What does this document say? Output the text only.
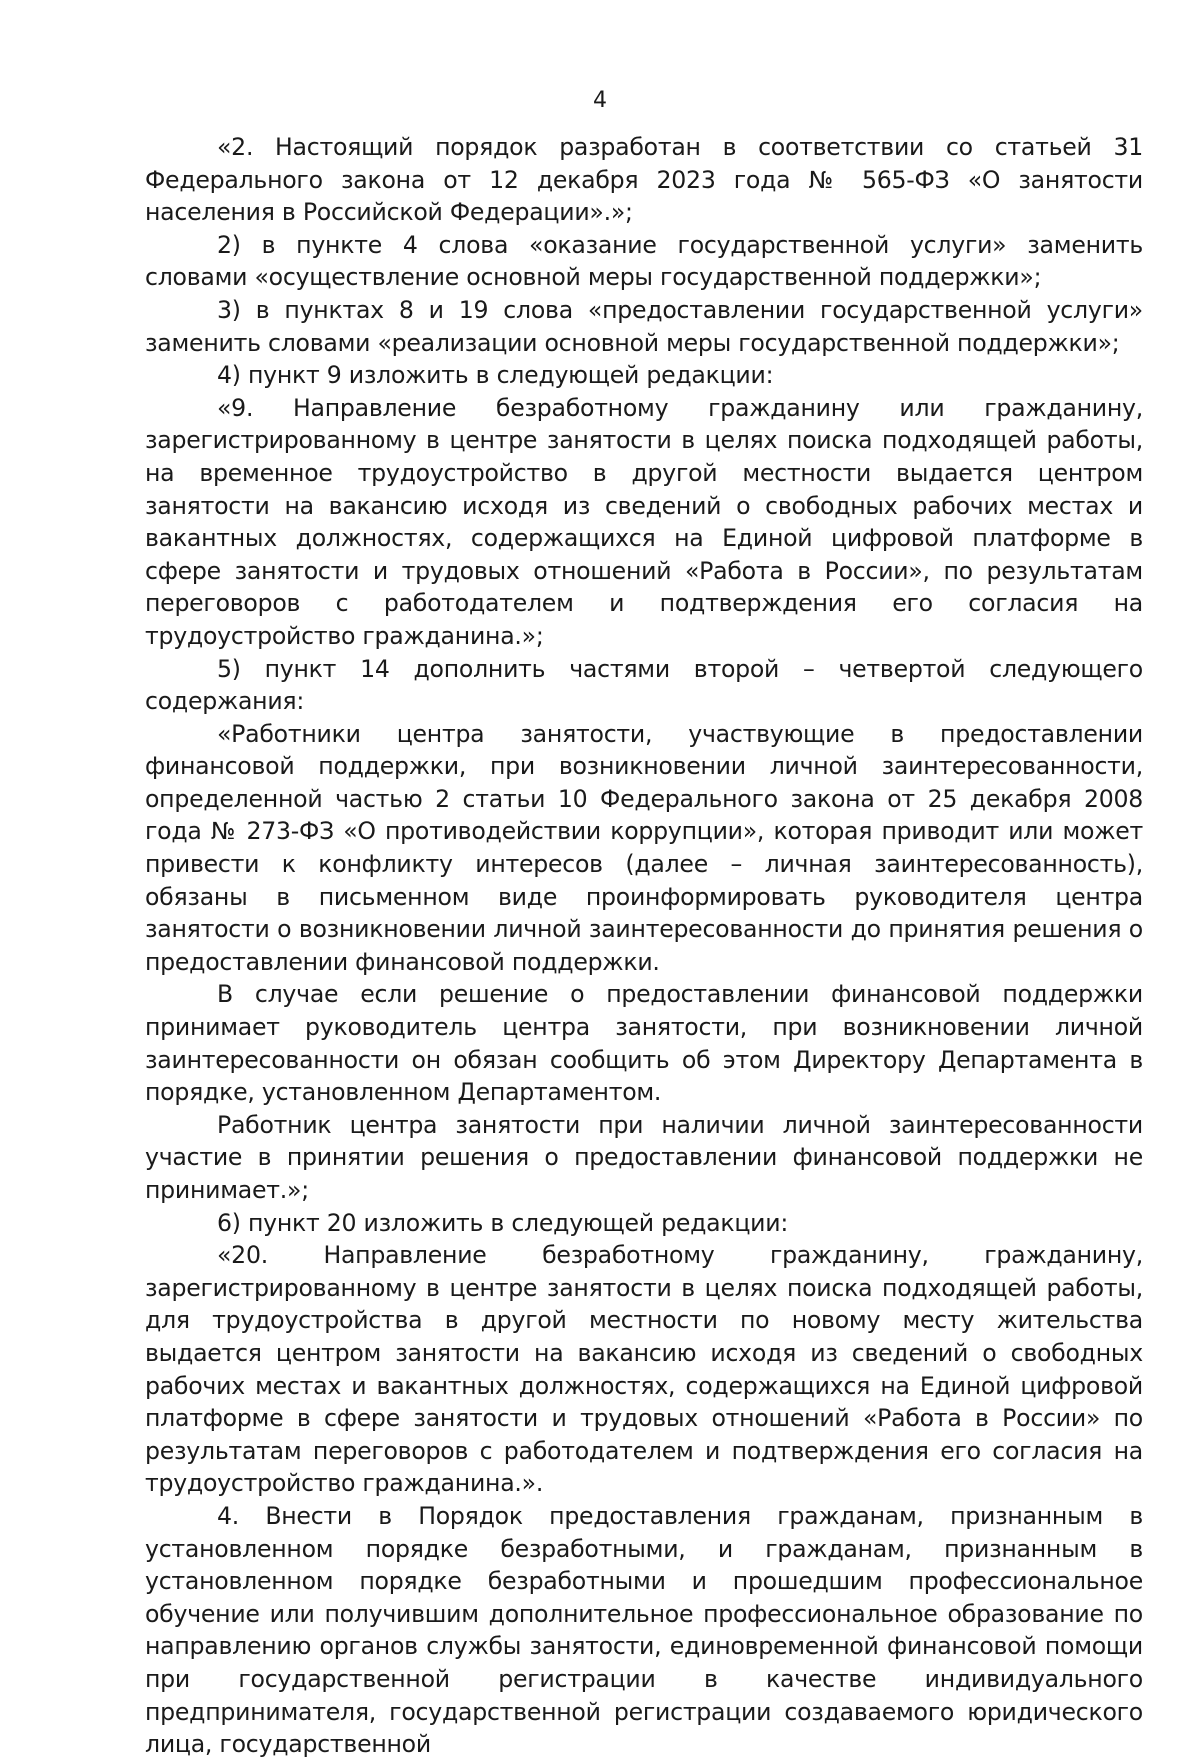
4

«2. Настоящий порядок разработан в соответствии со статьей 31 Федерального закона от 12 декабря 2023 года № 565-ФЗ «О занятости населения в Российской Федерации».»;

2) в пункте 4 слова «оказание государственной услуги» заменить словами «осуществление основной меры государственной поддержки»;

3) в пунктах 8 и 19 слова «предоставлении государственной услуги» заменить словами «реализации основной меры государственной поддержки»;

4) пункт 9 изложить в следующей редакции:

«9. Направление безработному гражданину или гражданину, зарегистрированному в центре занятости в целях поиска подходящей работы, на временное трудоустройство в другой местности выдается центром занятости на вакансию исходя из сведений о свободных рабочих местах и вакантных должностях, содержащихся на Единой цифровой платформе в сфере занятости и трудовых отношений «Работа в России», по результатам переговоров с работодателем и подтверждения его согласия на трудоустройство гражданина.»;

5) пункт 14 дополнить частями второй – четвертой следующего содержания:

«Работники центра занятости, участвующие в предоставлении финансовой поддержки, при возникновении личной заинтересованности, определенной частью 2 статьи 10 Федерального закона от 25 декабря 2008 года № 273-ФЗ «О противодействии коррупции», которая приводит или может привести к конфликту интересов (далее – личная заинтересованность), обязаны в письменном виде проинформировать руководителя центра занятости о возникновении личной заинтересованности до принятия решения о предоставлении финансовой поддержки.

В случае если решение о предоставлении финансовой поддержки принимает руководитель центра занятости, при возникновении личной заинтересованности он обязан сообщить об этом Директору Департамента в порядке, установленном Департаментом.

Работник центра занятости при наличии личной заинтересованности участие в принятии решения о предоставлении финансовой поддержки не принимает.»;

6) пункт 20 изложить в следующей редакции:

«20. Направление безработному гражданину, гражданину, зарегистрированному в центре занятости в целях поиска подходящей работы, для трудоустройства в другой местности по новому месту жительства выдается центром занятости на вакансию исходя из сведений о свободных рабочих местах и вакантных должностях, содержащихся на Единой цифровой платформе в сфере занятости и трудовых отношений «Работа в России» по результатам переговоров с работодателем и подтверждения его согласия на трудоустройство гражданина.».

4. Внести в Порядок предоставления гражданам, признанным в установленном порядке безработными, и гражданам, признанным в установленном порядке безработными и прошедшим профессиональное обучение или получившим дополнительное профессиональное образование по направлению органов службы занятости, единовременной финансовой помощи при государственной регистрации в качестве индивидуального предпринимателя, государственной регистрации создаваемого юридического лица, государственной
